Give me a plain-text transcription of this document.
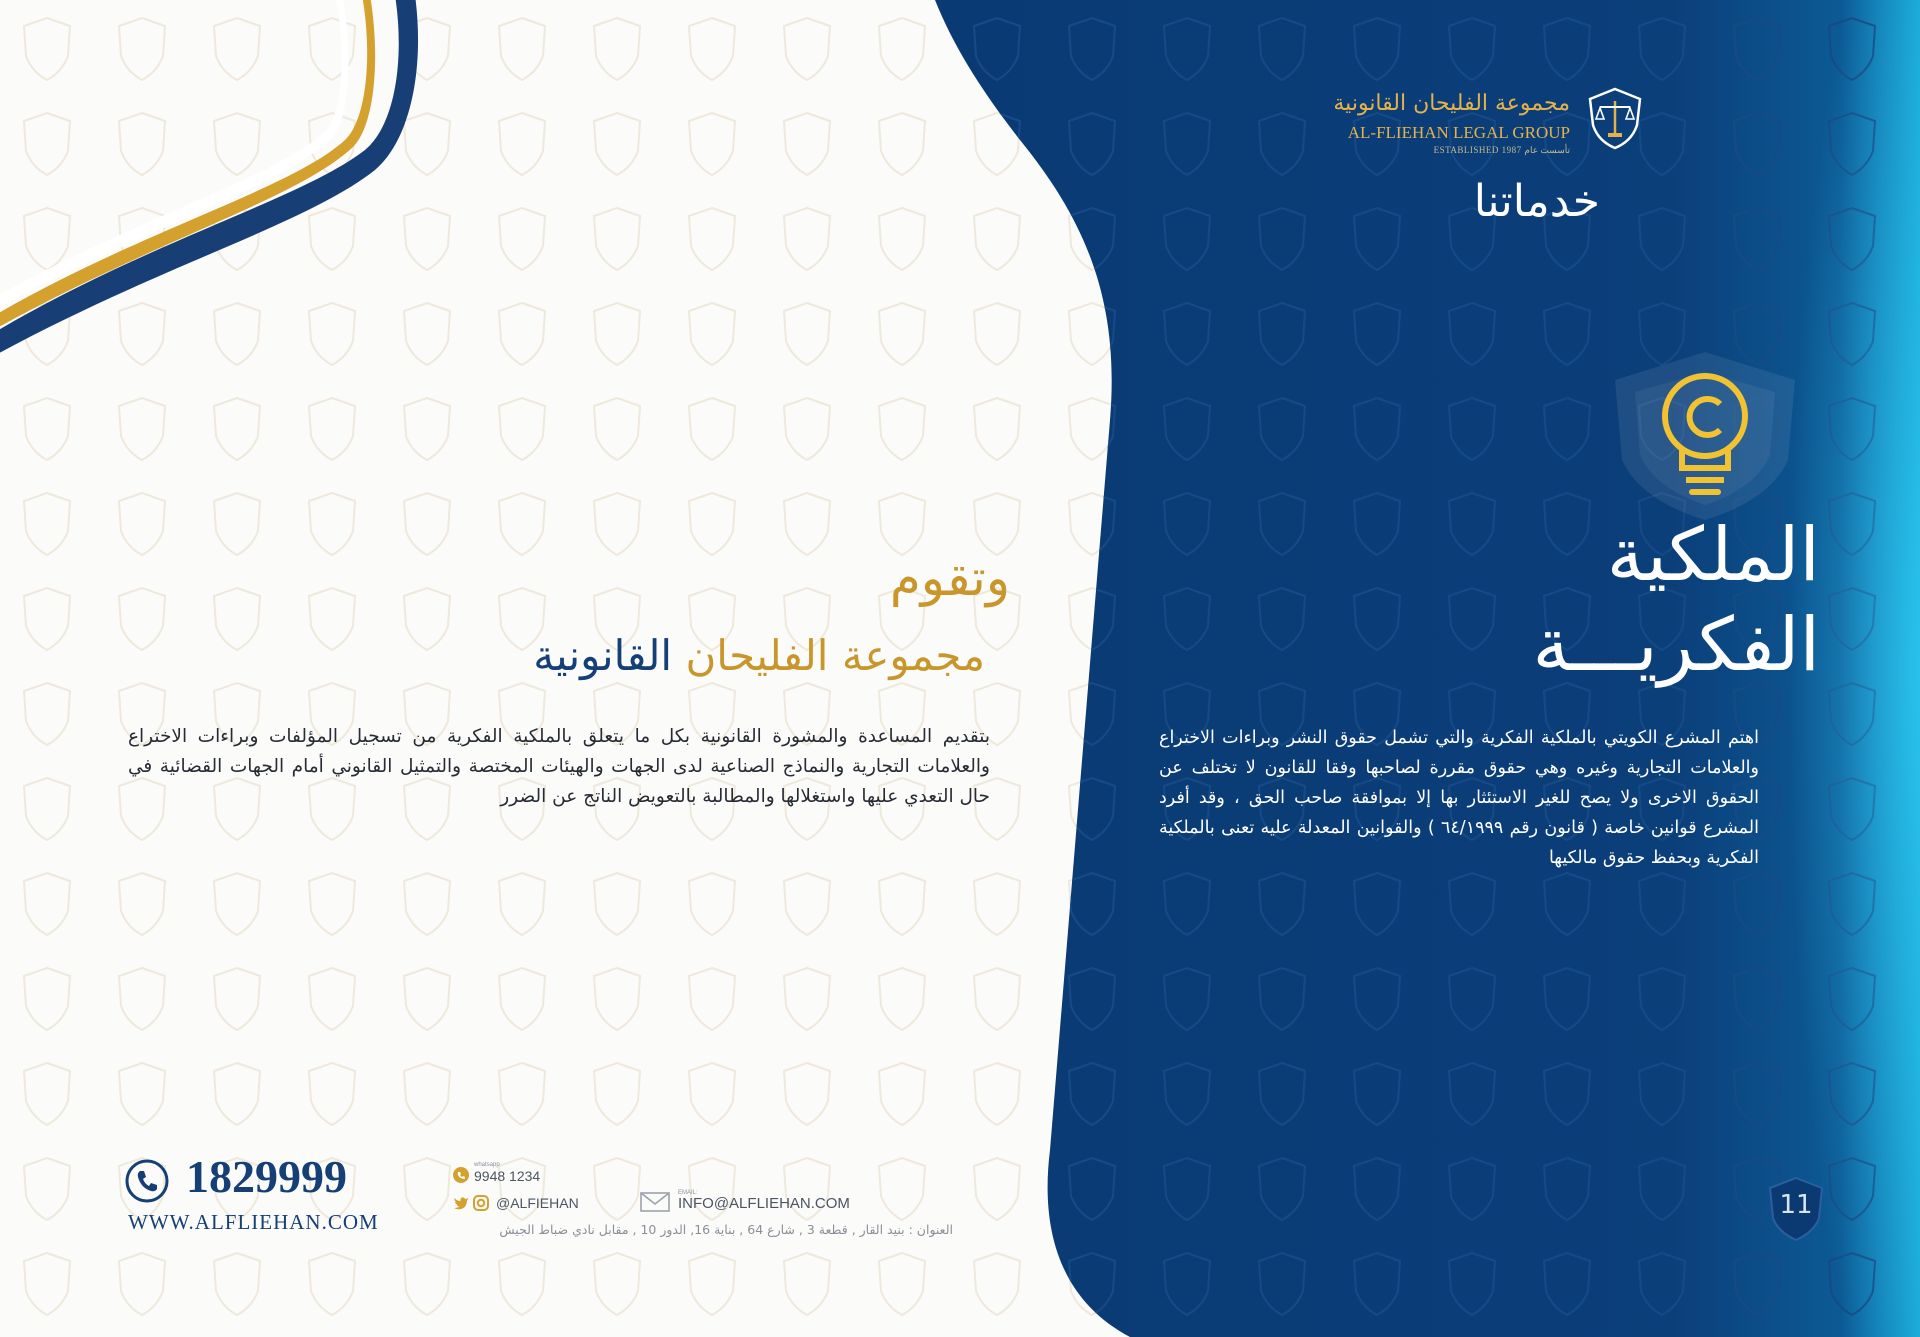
مجموعة الفليحان القانونية
AL-FLIEHAN LEGAL GROUP
ESTABLISHED 1987 تأسست عام
خدماتنا
الملكية
الفكريـــة
اهتم المشرع الكويتي بالملكية الفكرية والتي تشمل حقوق النشر وبراءات الاختراع والعلامات التجارية وغيره وهي حقوق مقررة لصاحبها وفقا للقانون لا تختلف عن الحقوق الاخرى ولا يصح للغير الاستئثار بها إلا بموافقة صاحب الحق ، وقد أفرد المشرع قوانين خاصة ( قانون رقم ٦٤/١٩٩٩ ) والقوانين المعدلة عليه تعنى بالملكية الفكرية وبحفظ حقوق مالكيها
وتقوم
مجموعة الفليحان القانونية
بتقديم المساعدة والمشورة القانونية بكل ما يتعلق بالملكية الفكرية من تسجيل المؤلفات وبراءات الاختراع والعلامات التجارية والنماذج الصناعية لدى الجهات والهيئات المختصة والتمثيل القانوني أمام الجهات القضائية في حال التعدي عليها واستغلالها والمطالبة بالتعويض الناتج عن الضرر
1829999
WWW.ALFLIEHAN.COM
whatsapp
9948 1234
@ALFIEHAN
EMAIL:
INFO@ALFLIEHAN.COM
العنوان : بنيد القار , قطعة 3 , شارع 64 , بناية 16, الدور 10 , مقابل نادي ضباط الجيش
11
